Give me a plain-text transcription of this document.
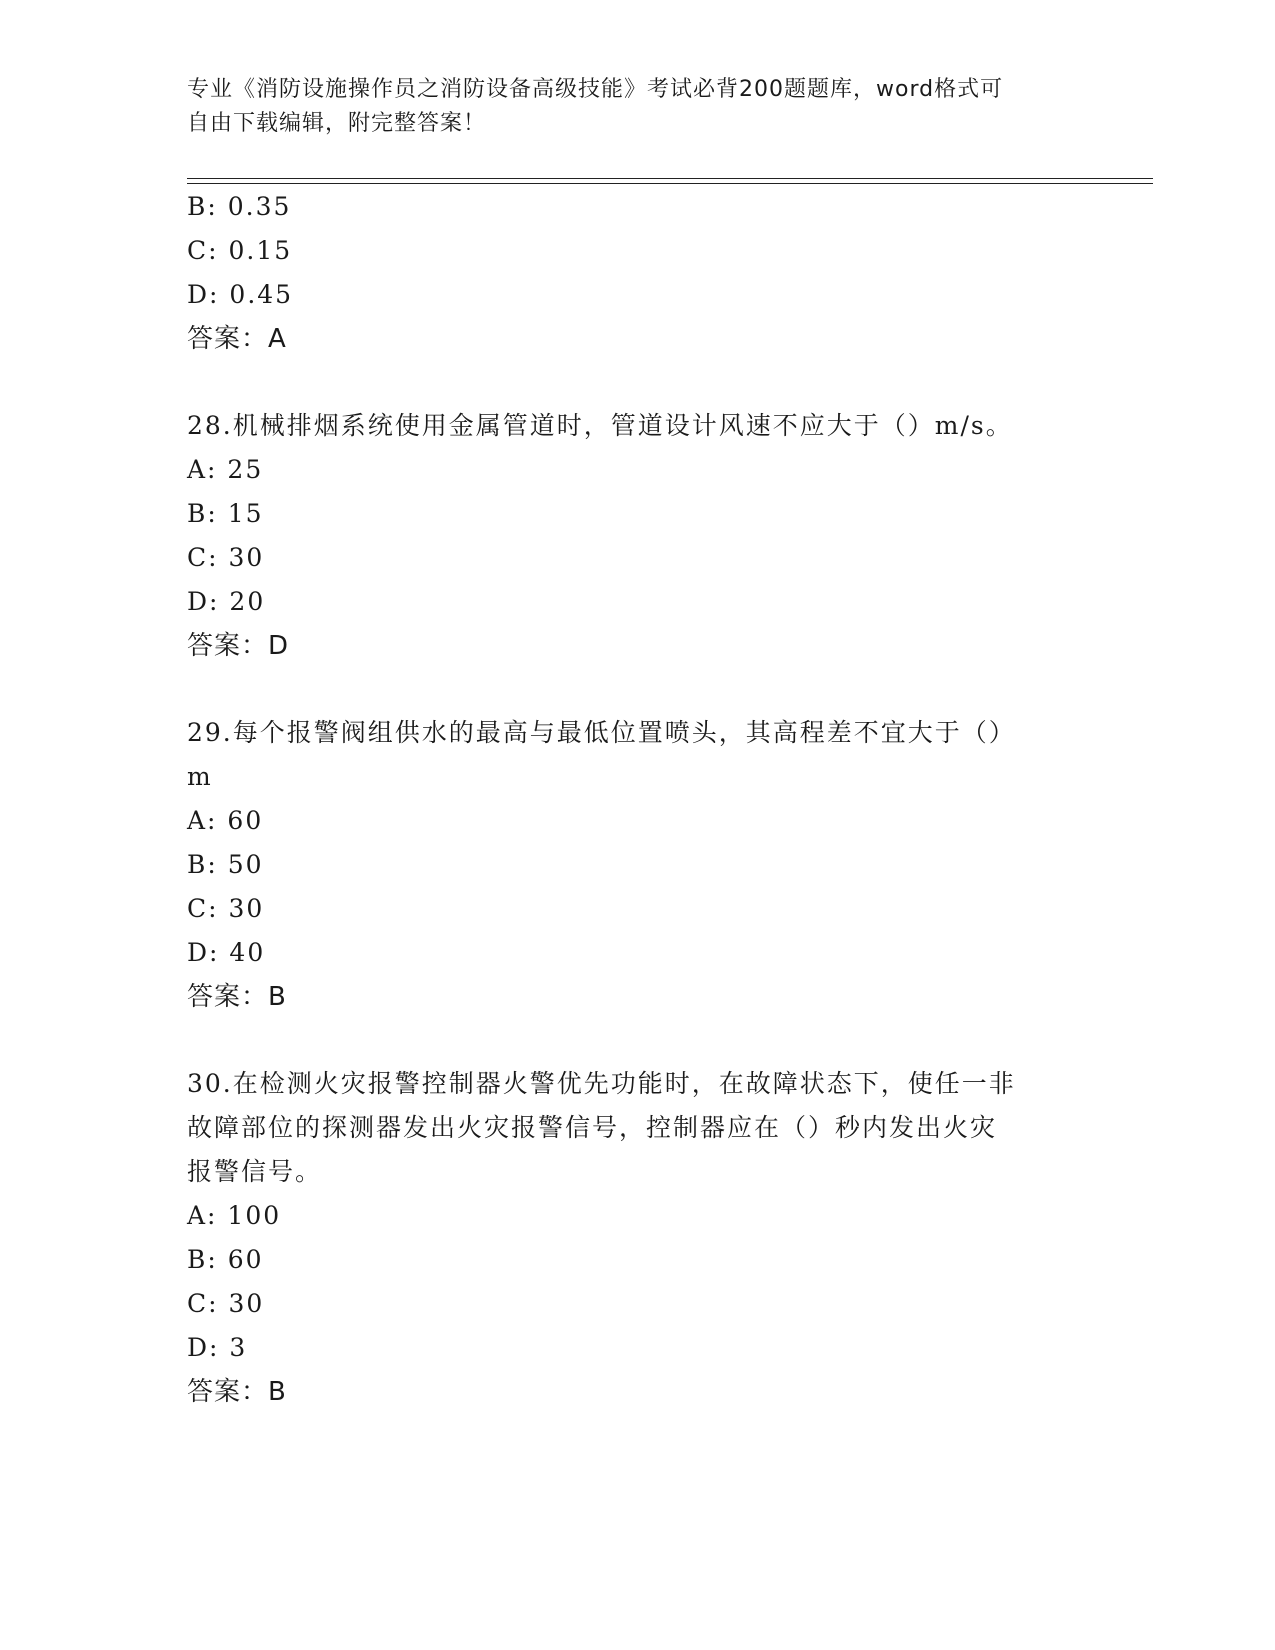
专业《消防设施操作员之消防设备高级技能》考试必背200题题库，word格式可
自由下载编辑，附完整答案！
B: 0.35
C: 0.15
D: 0.45
答案：A
28.机械排烟系统使用金属管道时，管道设计风速不应大于（）m/s。
A: 25
B: 15
C: 30
D: 20
答案：D
29.每个报警阀组供水的最高与最低位置喷头，其高程差不宜大于（）
m
A: 60
B: 50
C: 30
D: 40
答案：B
30.在检测火灾报警控制器火警优先功能时，在故障状态下，使任一非
故障部位的探测器发出火灾报警信号，控制器应在（）秒内发出火灾
报警信号。
A: 100
B: 60
C: 30
D: 3
答案：B
